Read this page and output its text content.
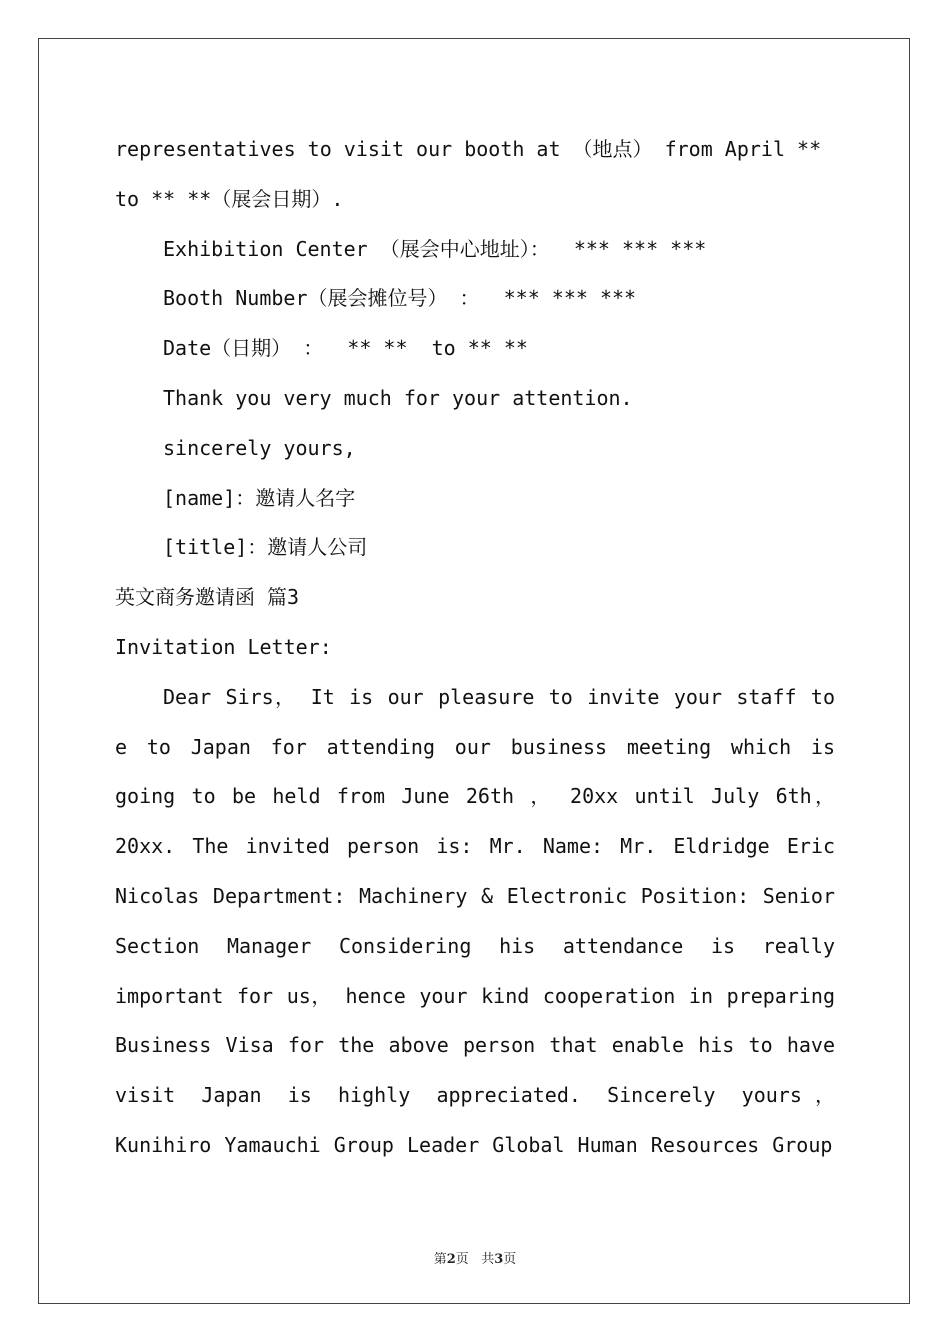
representatives to visit our booth at （地点） from April **
to ** **（展会日期）.
Exhibition Center （展会中心地址）：  *** *** ***
Booth Number（展会摊位号） ：  *** *** ***
Date（日期） ：  ** **  to ** **
Thank you very much for your attention.
sincerely yours,
[name]：邀请人名字
[title]：邀请人公司
英文商务邀请函 篇3
Invitation Letter:
Dear Sirs， It is our pleasure to invite your staff to e to Japan for attending our business meeting which is going to be held from June 26th ， 20xx until July 6th， 20xx. The invited person is: Mr. Name: Mr. Eldridge Eric Nicolas Department: Machinery & Electronic Position: Senior Section Manager Considering his attendance is really important for us， hence your kind cooperation in preparing Business Visa for the above person that enable his to have visit Japan is highly appreciated. Sincerely yours， Kunihiro Yamauchi Group Leader Global Human Resources Group
第2页   共3页
